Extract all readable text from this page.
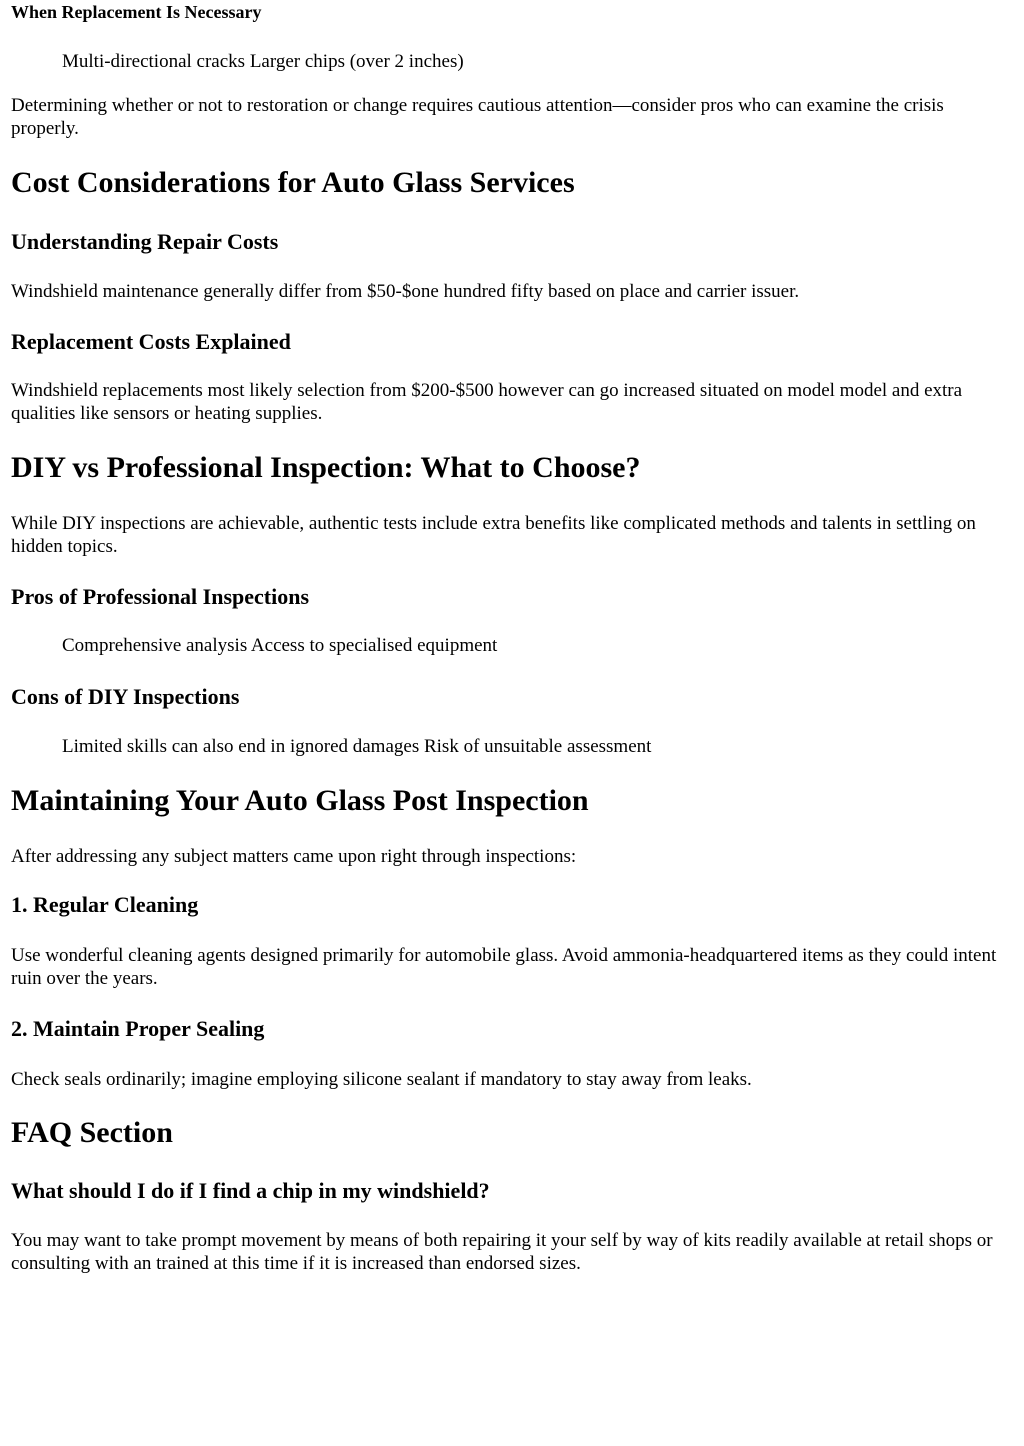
When Replacement Is Necessary
Multi-directional cracks Larger chips (over 2 inches)

Determining whether or not to restoration or change requires cautious attention—consider pros who can examine the crisis properly.

Cost Considerations for Auto Glass Services
Understanding Repair Costs

Windshield maintenance generally differ from $50-$one hundred fifty based on place and carrier issuer.

Replacement Costs Explained

Windshield replacements most likely selection from $200-$500 however can go increased situated on model model and extra qualities like sensors or heating supplies.

DIY vs Professional Inspection: What to Choose?

While DIY inspections are achievable, authentic tests include extra benefits like complicated methods and talents in settling on hidden topics.

Pros of Professional Inspections
Comprehensive analysis Access to specialised equipment
Cons of DIY Inspections
Limited skills can also end in ignored damages Risk of unsuitable assessment
Maintaining Your Auto Glass Post Inspection

After addressing any subject matters came upon right through inspections:

1. Regular Cleaning

Use wonderful cleaning agents designed primarily for automobile glass. Avoid ammonia-headquartered items as they could intent ruin over the years.

2. Maintain Proper Sealing

Check seals ordinarily; imagine employing silicone sealant if mandatory to stay away from leaks.

FAQ Section
What should I do if I find a chip in my windshield?

You may want to take prompt movement by means of both repairing it your self by way of kits readily available at retail shops or consulting with an trained at this time if it is increased than endorsed sizes.
